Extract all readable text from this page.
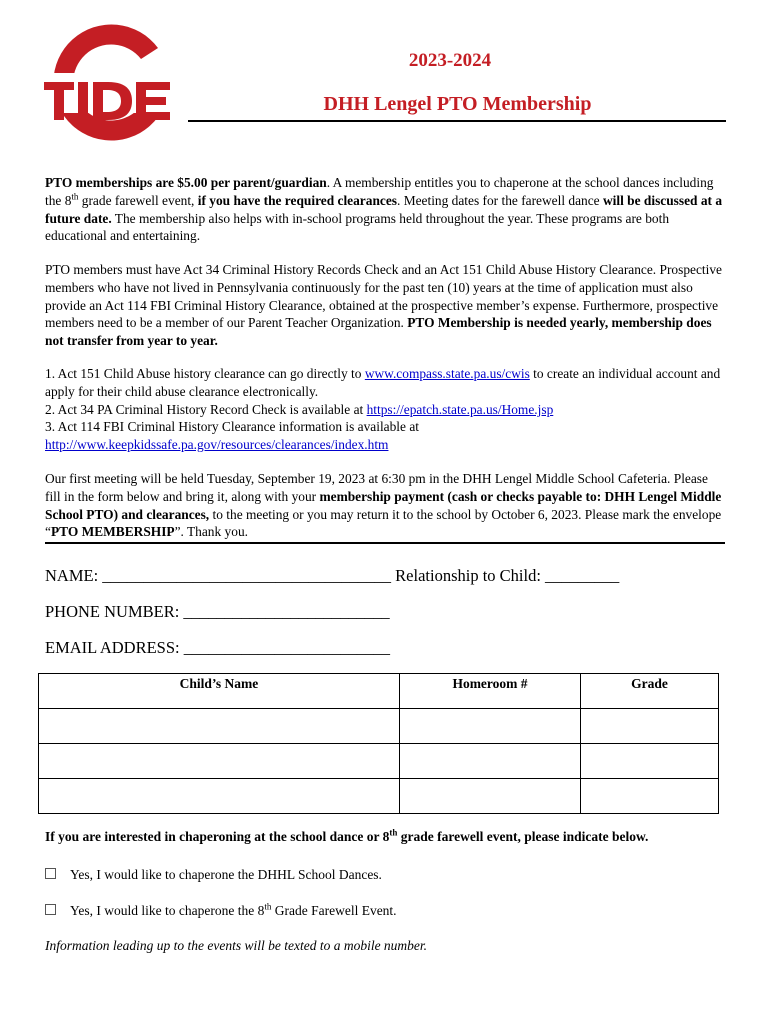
2023-2024
DHH Lengel PTO Membership
PTO memberships are $5.00 per parent/guardian. A membership entitles you to chaperone at the school dances including the 8th grade farewell event, if you have the required clearances. Meeting dates for the farewell dance will be discussed at a future date. The membership also helps with in-school programs held throughout the year. These programs are both educational and entertaining.
PTO members must have Act 34 Criminal History Records Check and an Act 151 Child Abuse History Clearance. Prospective members who have not lived in Pennsylvania continuously for the past ten (10) years at the time of application must also provide an Act 114 FBI Criminal History Clearance, obtained at the prospective member’s expense. Furthermore, prospective members need to be a member of our Parent Teacher Organization. PTO Membership is needed yearly, membership does not transfer from year to year.
1. Act 151 Child Abuse history clearance can go directly to www.compass.state.pa.us/cwis to create an individual account and apply for their child abuse clearance electronically.
2. Act 34 PA Criminal History Record Check is available at https://epatch.state.pa.us/Home.jsp
3. Act 114 FBI Criminal History Clearance information is available at
http://www.keepkidssafe.pa.gov/resources/clearances/index.htm
Our first meeting will be held Tuesday, September 19, 2023 at 6:30 pm in the DHH Lengel Middle School Cafeteria. Please fill in the form below and bring it, along with your membership payment (cash or checks payable to: DHH Lengel Middle School PTO) and clearances, to the meeting or you may return it to the school by October 6, 2023. Please mark the envelope “PTO MEMBERSHIP”. Thank you.
NAME: ___________________________________ Relationship to Child: _________
PHONE NUMBER: _________________________
EMAIL ADDRESS: _________________________
Child’s Name	Homeroom #	Grade

If you are interested in chaperoning at the school dance or 8th grade farewell event, please indicate below.
Yes, I would like to chaperone the DHHL School Dances.
Yes, I would like to chaperone the 8th Grade Farewell Event.
Information leading up to the events will be texted to a mobile number.
